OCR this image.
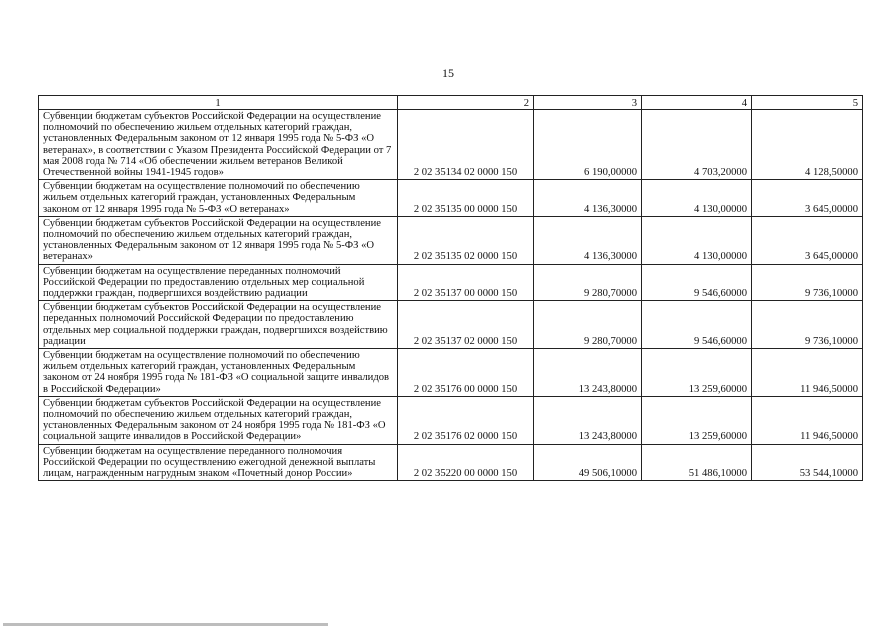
15
1	2	3	4	5
Субвенции бюджетам субъектов Российской Федерации на осуществление полномочий по обеспечению жильем отдельных категорий граждан, установленных Федеральным законом от 12 января 1995 года № 5-ФЗ «О ветеранах», в соответствии с Указом Президента Российской Федерации от 7 мая 2008 года № 714 «Об обеспечении жильем ветеранов Великой Отечественной войны 1941-1945 годов»	2 02 35134 02 0000 150	6 190,00000	4 703,20000	4 128,50000
Субвенции бюджетам на осуществление полномочий по обеспечению жильем отдельных категорий граждан, установленных Федеральным законом от 12 января 1995 года № 5-ФЗ «О ветеранах»	2 02 35135 00 0000 150	4 136,30000	4 130,00000	3 645,00000
Субвенции бюджетам субъектов Российской Федерации на осуществление полномочий по обеспечению жильем отдельных категорий граждан, установленных Федеральным законом от 12 января 1995 года № 5-ФЗ «О ветеранах»	2 02 35135 02 0000 150	4 136,30000	4 130,00000	3 645,00000
Субвенции бюджетам на осуществление переданных полномочий Российской Федерации по предоставлению отдельных мер социальной поддержки граждан, подвергшихся воздействию радиации	2 02 35137 00 0000 150	9 280,70000	9 546,60000	9 736,10000
Субвенции бюджетам субъектов Российской Федерации на осуществление переданных полномочий Российской Федерации по предоставлению отдельных мер социальной поддержки граждан, подвергшихся воздействию радиации	2 02 35137 02 0000 150	9 280,70000	9 546,60000	9 736,10000
Субвенции бюджетам на осуществление полномочий по обеспечению жильем отдельных категорий граждан, установленных Федеральным законом от 24 ноября 1995 года № 181-ФЗ «О социальной защите инвалидов в Российской Федерации»	2 02 35176 00 0000 150	13 243,80000	13 259,60000	11 946,50000
Субвенции бюджетам субъектов Российской Федерации на осуществление полномочий по обеспечению жильем отдельных категорий граждан, установленных Федеральным законом от 24 ноября 1995 года № 181-ФЗ «О социальной защите инвалидов в Российской Федерации»	2 02 35176 02 0000 150	13 243,80000	13 259,60000	11 946,50000
Субвенции бюджетам на осуществление переданного полномочия Российской Федерации по осуществлению ежегодной денежной выплаты лицам, награжденным нагрудным знаком «Почетный донор России»	2 02 35220 00 0000 150	49 506,10000	51 486,10000	53 544,10000
